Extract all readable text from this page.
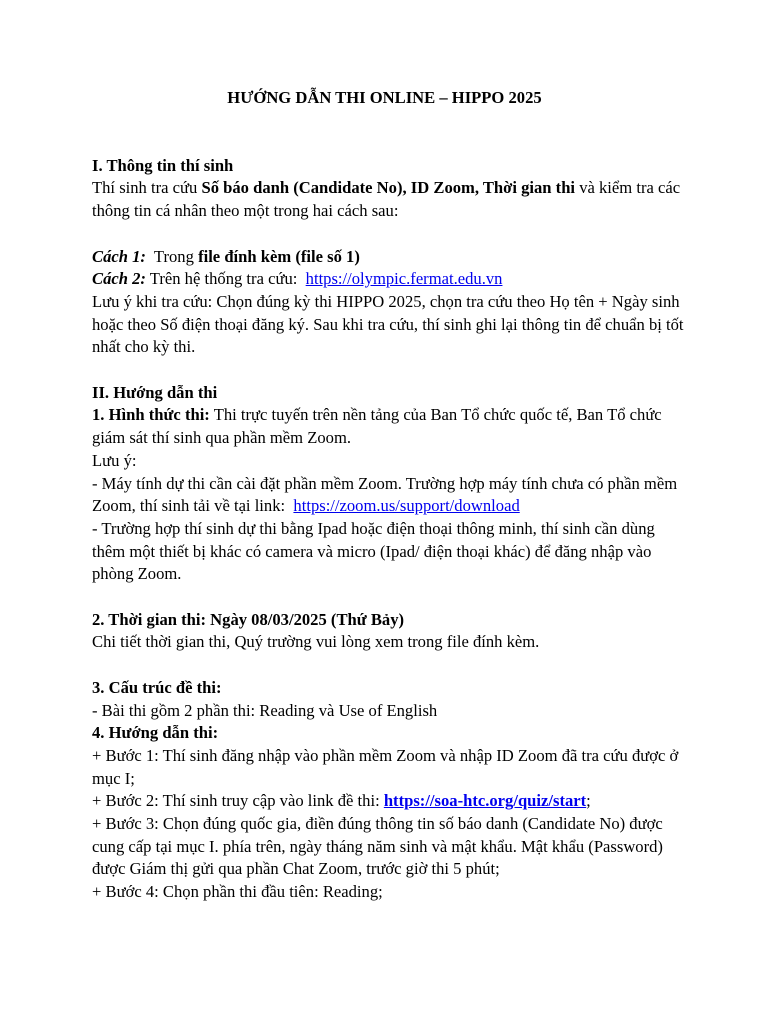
HƯỚNG DẪN THI ONLINE – HIPPO 2025

I. Thông tin thí sinh

Thí sinh tra cứu Số báo danh (Candidate No), ID Zoom, Thời gian thi và kiểm tra các thông tin cá nhân theo một trong hai cách sau:

Cách 1:  Trong file đính kèm (file số 1)

Cách 2: Trên hệ thống tra cứu:  https://olympic.fermat.edu.vn

Lưu ý khi tra cứu: Chọn đúng kỳ thi HIPPO 2025, chọn tra cứu theo Họ tên + Ngày sinh hoặc theo Số điện thoại đăng ký. Sau khi tra cứu, thí sinh ghi lại thông tin để chuẩn bị tốt nhất cho kỳ thi.

II. Hướng dẫn thi

1. Hình thức thi: Thi trực tuyến trên nền tảng của Ban Tổ chức quốc tế, Ban Tổ chức giám sát thí sinh qua phần mềm Zoom.

Lưu ý:

- Máy tính dự thi cần cài đặt phần mềm Zoom. Trường hợp máy tính chưa có phần mềm Zoom, thí sinh tải về tại link:  https://zoom.us/support/download

- Trường hợp thí sinh dự thi bằng Ipad hoặc điện thoại thông minh, thí sinh cần dùng thêm một thiết bị khác có camera và micro (Ipad/ điện thoại khác) để đăng nhập vào phòng Zoom.

2. Thời gian thi: Ngày 08/03/2025 (Thứ Bảy)

Chi tiết thời gian thi, Quý trường vui lòng xem trong file đính kèm.

3. Cấu trúc đề thi:

- Bài thi gồm 2 phần thi: Reading và Use of English

4. Hướng dẫn thi:

+ Bước 1: Thí sinh đăng nhập vào phần mềm Zoom và nhập ID Zoom đã tra cứu được ở mục I;

+ Bước 2: Thí sinh truy cập vào link đề thi: https://soa-htc.org/quiz/start;

+ Bước 3: Chọn đúng quốc gia, điền đúng thông tin số báo danh (Candidate No) được cung cấp tại mục I. phía trên, ngày tháng năm sinh và mật khẩu. Mật khẩu (Password) được Giám thị gửi qua phần Chat Zoom, trước giờ thi 5 phút;

+ Bước 4: Chọn phần thi đầu tiên: Reading;
